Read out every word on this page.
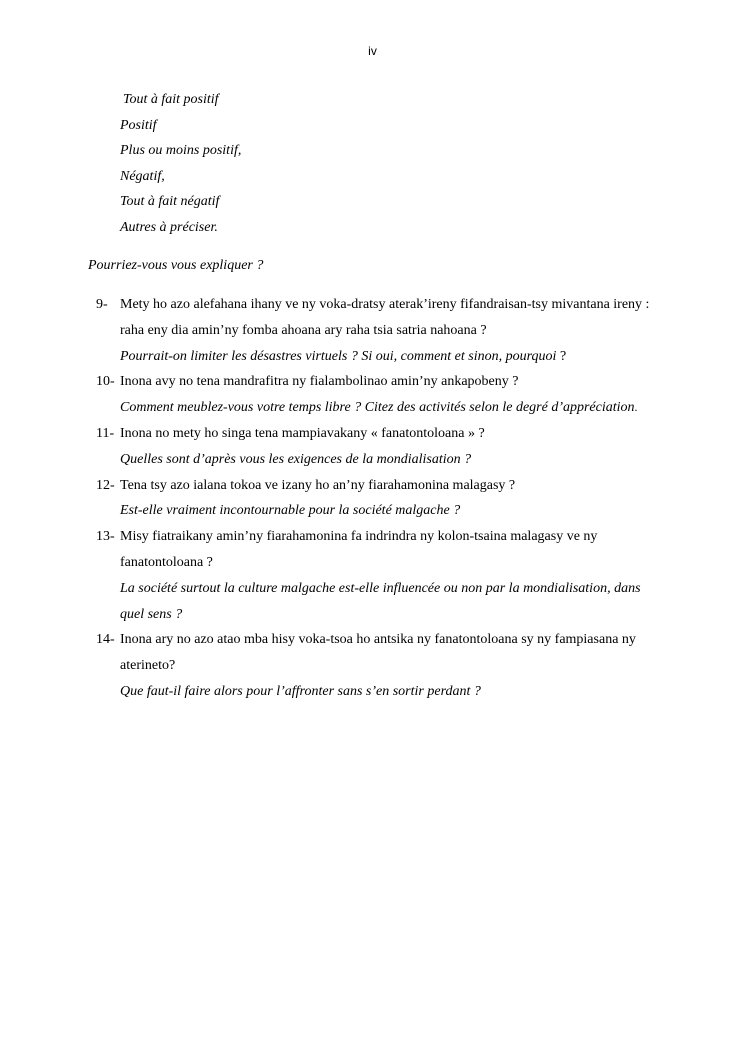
iv
Tout à fait positif
Positif
Plus ou moins positif,
Négatif,
Tout à fait négatif
Autres à préciser.
Pourriez-vous vous expliquer ?
9- Mety ho azo alefahana ihany ve ny voka-dratsy aterak’ireny fifandraisan-tsy mivantana ireny : raha eny dia amin’ny fomba ahoana ary raha tsia satria nahoana ?
Pourrait-on limiter les désastres virtuels ? Si oui, comment et sinon, pourquoi ?
10- Inona avy no tena mandrafitra ny fialambolinao amin’ny ankapobeny ?
Comment meublez-vous votre temps libre ? Citez des activités selon le degré d’appréciation.
11- Inona no mety ho singa tena mampiavakany « fanatontoloana » ?
Quelles sont d’après vous les exigences de la mondialisation ?
12- Tena tsy azo ialana tokoa ve izany ho an’ny fiarahamonina malagasy ?
Est-elle vraiment incontournable pour la société malgache ?
13- Misy fiatraikany amin’ny fiarahamonina fa indrindra ny kolon-tsaina malagasy ve ny fanatontoloana ?
La société surtout la culture malgache est-elle influencée ou non par la mondialisation, dans quel sens ?
14- Inona ary no azo atao mba hisy voka-tsoa ho antsika ny fanatontoloana sy ny fampiasana ny aterineto?
Que faut-il faire alors pour l’affronter sans s’en sortir perdant ?
